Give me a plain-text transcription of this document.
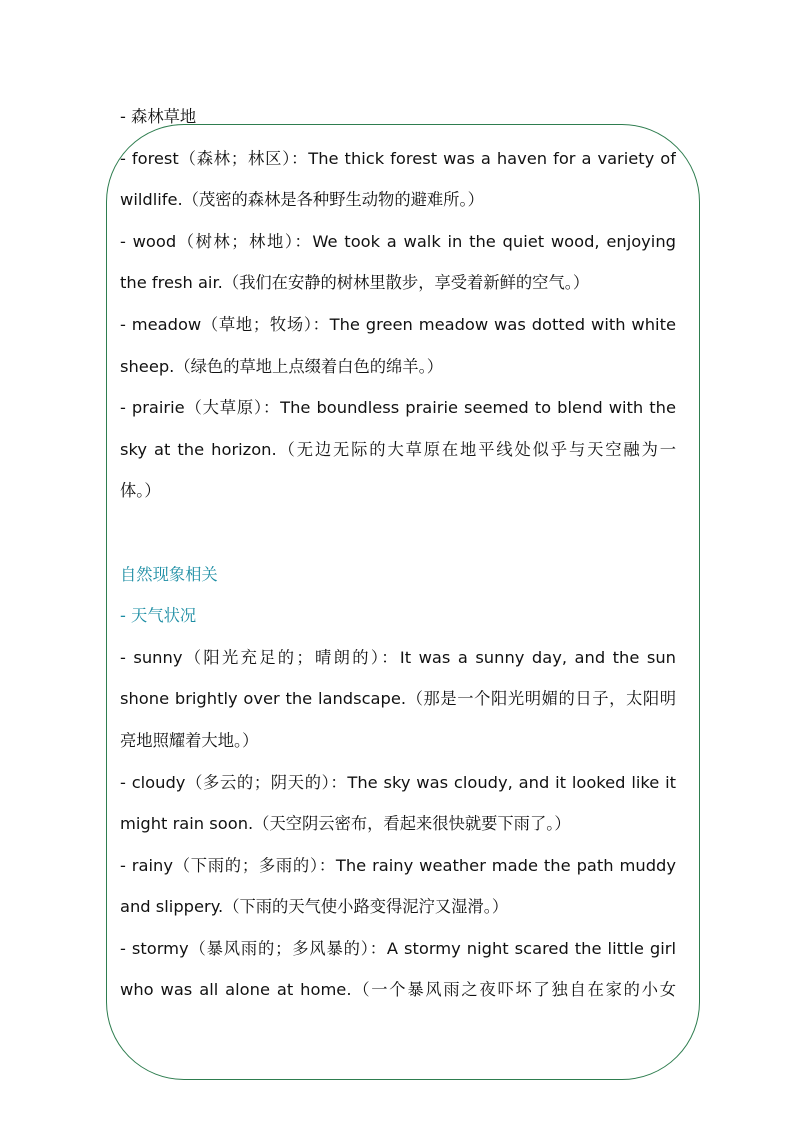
- 森林草地
- forest（森林；林区）：The thick forest was a haven for a variety of
wildlife.（茂密的森林是各种野生动物的避难所。）
- wood（树林；林地）：We took a walk in the quiet wood, enjoying
the fresh air.（我们在安静的树林里散步，享受着新鲜的空气。）
- meadow（草地；牧场）：The green meadow was dotted with white
sheep.（绿色的草地上点缀着白色的绵羊。）
- prairie（大草原）：The boundless prairie seemed to blend with the
sky at the horizon.（无边无际的大草原在地平线处似乎与天空融为一
体。）
自然现象相关
- 天气状况
- sunny（阳光充足的；晴朗的）：It was a sunny day, and the sun
shone brightly over the landscape.（那是一个阳光明媚的日子，太阳明
亮地照耀着大地。）
- cloudy（多云的；阴天的）：The sky was cloudy, and it looked like it
might rain soon.（天空阴云密布，看起来很快就要下雨了。）
- rainy（下雨的；多雨的）：The rainy weather made the path muddy
and slippery.（下雨的天气使小路变得泥泞又湿滑。）
- stormy（暴风雨的；多风暴的）：A stormy night scared the little girl
who was all alone at home.（一个暴风雨之夜吓坏了独自在家的小女
